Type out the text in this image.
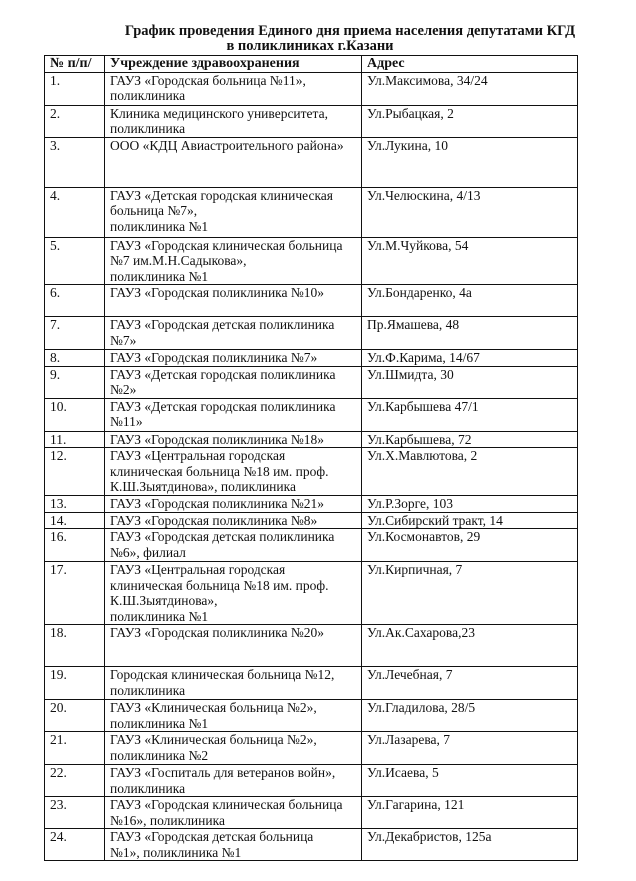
График проведения Единого дня приема населения депутатами КГД
в поликлиниках г.Казани
№ п/п/	Учреждение здравоохранения	Адрес
1.	ГАУЗ «Городская больница №11»,
поликлиника	Ул.Максимова, 34/24
2.	Клиника медицинского университета,
поликлиника	Ул.Рыбацкая, 2
3.	ООО «КДЦ Авиастроительного района»	Ул.Лукина, 10
4.	ГАУЗ «Детская городская клиническая
больница №7»,
поликлиника №1	Ул.Челюскина, 4/13
5.	ГАУЗ «Городская клиническая больница
№7 им.М.Н.Садыкова»,
поликлиника №1	Ул.М.Чуйкова, 54
6.	ГАУЗ «Городская поликлиника №10»	Ул.Бондаренко, 4а
7.	ГАУЗ «Городская детская поликлиника
№7»	Пр.Ямашева, 48
8.	ГАУЗ «Городская поликлиника №7»	Ул.Ф.Карима, 14/67
9.	ГАУЗ «Детская городская поликлиника
№2»	Ул.Шмидта, 30
10.	ГАУЗ «Детская городская поликлиника
№11»	Ул.Карбышева 47/1
11.	ГАУЗ «Городская поликлиника №18»	Ул.Карбышева, 72
12.	ГАУЗ «Центральная городская
клиническая больница №18 им. проф.
К.Ш.Зыятдинова», поликлиника	Ул.Х.Мавлютова, 2
13.	ГАУЗ «Городская поликлиника №21»	Ул.Р.Зорге, 103
14.	ГАУЗ «Городская поликлиника №8»	Ул.Сибирский тракт, 14
16.	ГАУЗ «Городская детская поликлиника
№6», филиал	Ул.Космонавтов, 29
17.	ГАУЗ «Центральная городская
клиническая больница №18 им. проф.
К.Ш.Зыятдинова»,
поликлиника №1	Ул.Кирпичная, 7
18.	ГАУЗ «Городская поликлиника №20»	Ул.Ак.Сахарова,23
19.	Городская клиническая больница №12,
поликлиника	Ул.Лечебная, 7
20.	ГАУЗ «Клиническая больница №2»,
поликлиника №1	Ул.Гладилова, 28/5
21.	ГАУЗ «Клиническая больница №2»,
поликлиника №2	Ул.Лазарева, 7
22.	ГАУЗ «Госпиталь для ветеранов войн»,
поликлиника	Ул.Исаева, 5
23.	ГАУЗ «Городская клиническая больница
№16», поликлиника	Ул.Гагарина, 121
24.	ГАУЗ «Городская детская больница
№1», поликлиника №1	Ул.Декабристов, 125а
